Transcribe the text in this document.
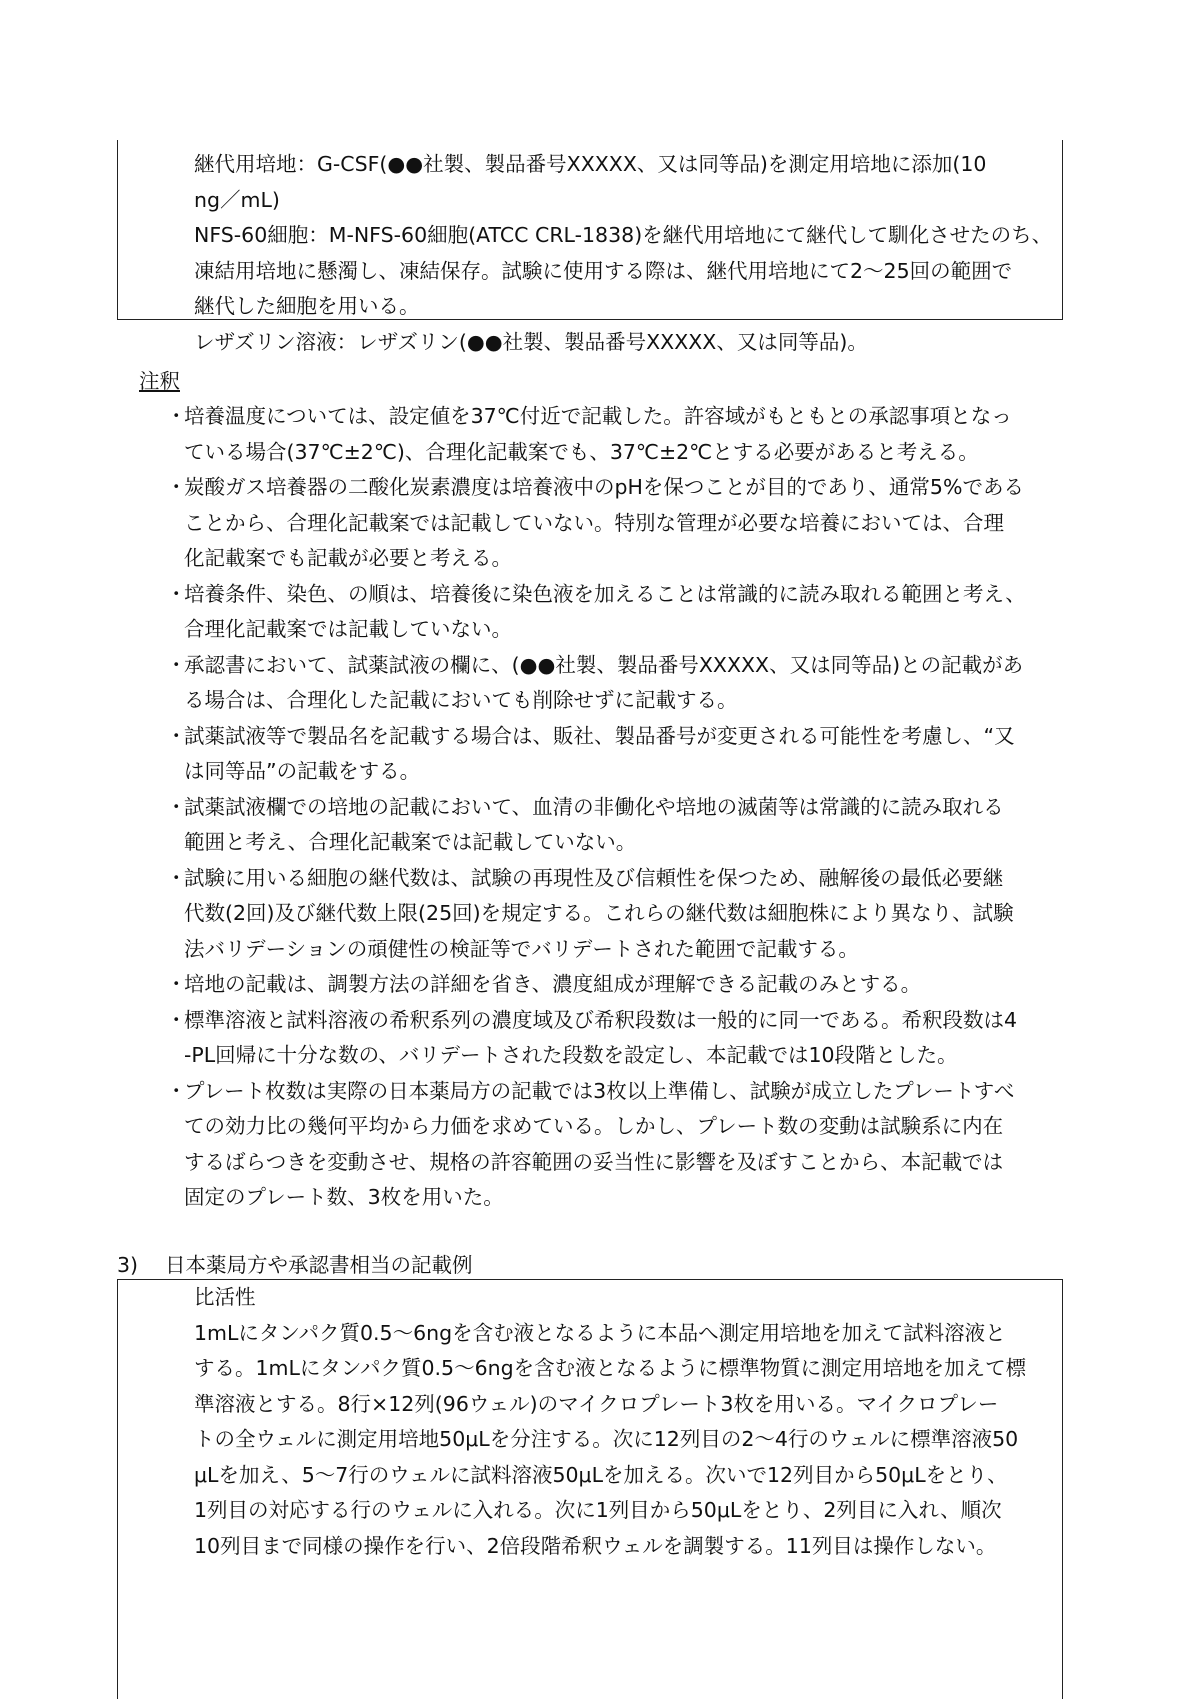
継代用培地：G-CSF(●●社製、製品番号XXXXX、又は同等品)を測定用培地に添加(10
ng／mL)
NFS-60細胞：M-NFS-60細胞(ATCC CRL-1838)を継代用培地にて継代して馴化させたのち、
凍結用培地に懸濁し、凍結保存。試験に使用する際は、継代用培地にて2～25回の範囲で
継代した細胞を用いる。
レザズリン溶液：レザズリン(●●社製、製品番号XXXXX、又は同等品)。
注釈
・
培養温度については、設定値を37℃付近で記載した。許容域がもともとの承認事項となっ
ている場合(37℃±2℃)、合理化記載案でも、37℃±2℃とする必要があると考える。
・
炭酸ガス培養器の二酸化炭素濃度は培養液中のpHを保つことが目的であり、通常5%である
ことから、合理化記載案では記載していない。特別な管理が必要な培養においては、合理
化記載案でも記載が必要と考える。
・
培養条件、染色、の順は、培養後に染色液を加えることは常識的に読み取れる範囲と考え、
合理化記載案では記載していない。
・
承認書において、試薬試液の欄に、(●●社製、製品番号XXXXX、又は同等品)との記載があ
る場合は、合理化した記載においても削除せずに記載する。
・
試薬試液等で製品名を記載する場合は、販社、製品番号が変更される可能性を考慮し、“又
は同等品”の記載をする。
・
試薬試液欄での培地の記載において、血清の非働化や培地の滅菌等は常識的に読み取れる
範囲と考え、合理化記載案では記載していない。
・
試験に用いる細胞の継代数は、試験の再現性及び信頼性を保つため、融解後の最低必要継
代数(2回)及び継代数上限(25回)を規定する。これらの継代数は細胞株により異なり、試験
法バリデーションの頑健性の検証等でバリデートされた範囲で記載する。
・
培地の記載は、調製方法の詳細を省き、濃度組成が理解できる記載のみとする。
・
標準溶液と試料溶液の希釈系列の濃度域及び希釈段数は一般的に同一である。希釈段数は4
-PL回帰に十分な数の、バリデートされた段数を設定し、本記載では10段階とした。
・
プレート枚数は実際の日本薬局方の記載では3枚以上準備し、試験が成立したプレートすべ
ての効力比の幾何平均から力価を求めている。しかし、プレート数の変動は試験系に内在
するばらつきを変動させ、規格の許容範囲の妥当性に影響を及ぼすことから、本記載では
固定のプレート数、3枚を用いた。
3) 日本薬局方や承認書相当の記載例
比活性
1mLにタンパク質0.5～6ngを含む液となるように本品へ測定用培地を加えて試料溶液と
する。1mLにタンパク質0.5～6ngを含む液となるように標準物質に測定用培地を加えて標
準溶液とする。8行×12列(96ウェル)のマイクロプレート3枚を用いる。マイクロプレー
トの全ウェルに測定用培地50μLを分注する。次に12列目の2～4行のウェルに標準溶液50
μLを加え、5～7行のウェルに試料溶液50μLを加える。次いで12列目から50μLをとり、
1列目の対応する行のウェルに入れる。次に1列目から50μLをとり、2列目に入れ、順次
10列目まで同様の操作を行い、2倍段階希釈ウェルを調製する。11列目は操作しない。
